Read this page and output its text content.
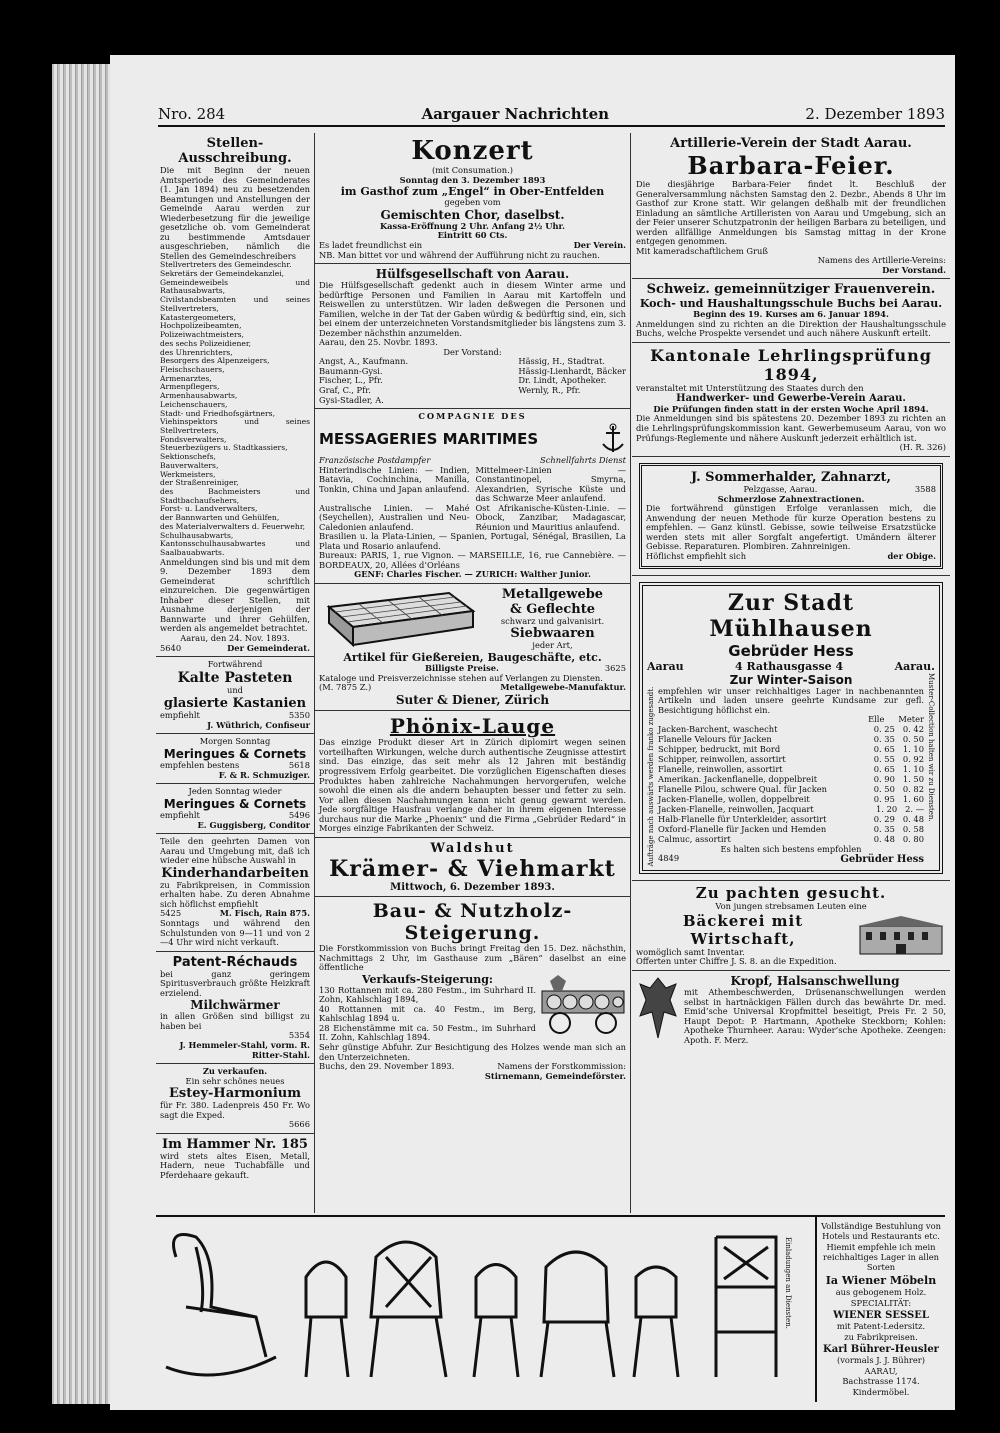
Nro. 284	Aargauer Nachrichten	2. Dezember 1893
Stellen-Ausschreibung.
Die mit Beginn der neuen Amtsperiode des Gemeinderates (1. Jan 1894) neu zu besetzenden Beamtungen und Anstellungen der Gemeinde Aarau werden zur Wiederbesetzung für die jeweilige gesetzliche ob. vom Gemeinderat zu bestimmende Amtsdauer ausgeschrieben, nämlich die Stellen des Gemeindeschreibers
Stellvertreters des Gemeindeschr.
Sekretärs der Gemeindekanzlei,
Gemeindeweibels und Rathausabwarts,
Civilstandsbeamten und seines Stellvertreters,
Katastergeometers,
Hochpolizeibeamten,
Polizeiwachtmeisters,
des sechs Polizeidiener,
des Uhrenrichters,
Besorgers des Alpenzeigers,
Fleischschauers,
Armenarztes,
Armenpflegers,
Armenhausabwarts,
Leichenschauers,
Stadt- und Friedhofsgärtners,
Viehinspektors und seines Stellvertreters,
Fondsverwalters,
Steuerbezügers u. Stadtkassiers,
Sektionschefs,
Bauverwalters,
Werkmeisters,
der Straßenreiniger,
des Bachmeisters und Stadtbachaufsehers,
Forst- u. Landverwalters,
der Bannwarten und Gehülfen,
des Materialverwalters d. Feuerwehr,
Schulhausabwarts,
Kantonsschulhausabwartes und Saalbauabwarts.
Anmeldungen sind bis und mit dem 9. Dezember 1893 dem Gemeinderat schriftlich einzureichen. Die gegenwärtigen Inhaber dieser Stellen, mit Ausnahme derjenigen der Bannwarte und ihrer Gehülfen, werden als angemeldet betrachtet.
Aarau, den 24. Nov. 1893.
5640	Der Gemeinderat.
Fortwährend
Kalte Pasteten
und
glasierte Kastanien
empfiehlt	5350
J. Wüthrich, Confiseur
Morgen Sonntag
Meringues & Cornets
empfehlen bestens	5618
F. & R. Schmuziger.
Jeden Sonntag wieder
Meringues & Cornets
empfiehlt	5496
E. Guggisberg, Conditor
Teile den geehrten Damen von Aarau und Umgebung mit, daß ich wieder eine hübsche Auswahl in
Kinderhandarbeiten
zu Fabrikpreisen, in Commission erhalten habe. Zu deren Abnahme sich höflichst empfiehlt
5425	M. Fisch, Rain 875.
Sonntags und während den Schulstunden von 9—11 und von 2—4 Uhr wird nicht verkauft.
Patent-Réchauds
bei ganz geringem Spiritusverbrauch größte Heizkraft erzielend.
Milchwärmer
in allen Größen sind billigst zu haben bei
5354
J. Hemmeler-Stahl, vorm. R. Ritter-Stahl.
Zu verkaufen.
Ein sehr schönes neues
Estey-Harmonium
für Fr. 380. Ladenpreis 450 Fr. Wo sagt die Exped.
5666
Im Hammer Nr. 185
wird stets altes Eisen, Metall, Hadern, neue Tuchabfälle und Pferdehaare gekauft.
Konzert
(mit Consumation.)
Sonntag den 3. Dezember 1893
im Gasthof zum „Engel“ in Ober-Entfelden
gegeben vom
Gemischten Chor, daselbst.
Kassa-Eröffnung 2 Uhr. Anfang 2½ Uhr.
Eintritt 60 Cts.
Es ladet freundlichst ein	Der Verein.
NB. Man bittet vor und während der Aufführung nicht zu rauchen.
Hülfsgesellschaft von Aarau.
Die Hülfsgesellschaft gedenkt auch in diesem Winter arme und bedürftige Personen und Familien in Aarau mit Kartoffeln und Reiswellen zu unterstützen. Wir laden deßwegen die Personen und Familien, welche in der Tat der Gaben würdig & bedürftig sind, ein, sich bei einem der unterzeichneten Vorstandsmitglieder bis längstens zum 3. Dezember nächsthin anzumelden.
Aarau, den 25. Novbr. 1893.
Der Vorstand:
Angst, A., Kaufmann.
Baumann-Gysi.
Fischer, L., Pfr.
Graf, C., Pfr.
Gysi-Stadler, A.
Hässig, H., Stadtrat.
Hässig-Lienhardt, Bäcker
Dr. Lindt, Apotheker.
Wernly, R., Pfr.
COMPAGNIE DES
MESSAGERIES MARITIMES
Französische Postdampfer	Schnellfahrts Dienst
Hinterindische Linien: — Indien, Batavia, Cochinchina, Manilla, Tonkin, China und Japan anlaufend.
Mittelmeer-Linien — Constantinopel, Smyrna, Alexandrien, Syrische Küste und das Schwarze Meer anlaufend.
Australische Linien. — Mahé (Seychellen), Australien und Neu-Caledonien anlaufend.
Ost Afrikanische-Küsten-Linie. — Obock, Zanzibar, Madagascar, Réunion und Mauritius anlaufend.
Brasilien u. la Plata-Linien, — Spanien, Portugal, Sénégal, Brasilien, La Plata und Rosario anlaufend.
Bureaux: PARIS, 1, rue Vignon. — MARSEILLE, 16, rue Cannebière. — BORDEAUX, 20, Allées d’Orléans
GENF: Charles Fischer. — ZURICH: Walther Junior.
Metallgewebe
& Geflechte
schwarz und galvanisirt.
Siebwaaren
jeder Art,
Artikel für Gießereien, Baugeschäfte, etc.
Billigste Preise.	3625
Kataloge und Preisverzeichnisse stehen auf Verlangen zu Diensten.
(M. 7875 Z.)	Metallgewebe-Manufaktur.
Suter & Diener, Zürich
Phönix-Lauge
Das einzige Produkt dieser Art in Zürich diplomirt wegen seinen vorteilhaften Wirkungen, welche durch authentische Zeugnisse attestirt sind. Das einzige, das seit mehr als 12 Jahren mit beständig progressivem Erfolg gearbeitet. Die vorzüglichen Eigenschaften dieses Produktes haben zahlreiche Nachahmungen hervorgerufen, welche sowohl die einen als die andern behaupten besser und fetter zu sein. Vor allen diesen Nachahmungen kann nicht genug gewarnt werden. Jede sorgfältige Hausfrau verlange daher in ihrem eigenen Interesse durchaus nur die Marke „Phoenix“ und die Firma „Gebrüder Redard“ in Morges einzige Fabrikanten der Schweiz.
Waldshut
Krämer- & Viehmarkt
Mittwoch, 6. Dezember 1893.
Bau- & Nutzholz-Steigerung.
Die Forstkommission von Buchs bringt Freitag den 15. Dez. nächsthin, Nachmittags 2 Uhr, im Gasthause zum „Bären“ daselbst an eine öffentliche
Verkaufs-Steigerung:
130 Rottannen mit ca. 280 Festm., im Suhrhard II. Zohn, Kahlschlag 1894,
40 Rottannen mit ca. 40 Festm., im Berg, Kahlschlag 1894 u.
28 Eichenstämme mit ca. 50 Festm., im Suhrhard II. Zohn, Kahlschlag 1894.
Sehr günstige Abfuhr. Zur Besichtigung des Holzes wende man sich an den Unterzeichneten.
Buchs, den 29. November 1893.	Namens der Forstkommission:
Stirnemann, Gemeindeförster.
Artillerie-Verein der Stadt Aarau.
Barbara-Feier.
Die diesjährige Barbara-Feier findet lt. Beschluß der Generalversammlung nächsten Samstag den 2. Dezbr., Abends 8 Uhr im Gasthof zur Krone statt. Wir gelangen deßhalb mit der freundlichen Einladung an sämtliche Artilleristen von Aarau und Umgebung, sich an der Feier unserer Schutzpatronin der heiligen Barbara zu beteiligen, und werden allfällige Anmeldungen bis Samstag mittag in der Krone entgegen genommen.
Mit kameradschaftlichem Gruß
Namens des Artillerie-Vereins:
Der Vorstand.
Schweiz. gemeinnütziger Frauenverein.
Koch- und Haushaltungsschule Buchs bei Aarau.
Beginn des 19. Kurses am 6. Januar 1894.
Anmeldungen sind zu richten an die Direktion der Haushaltungsschule Buchs, welche Prospekte versendet und auch nähere Auskunft erteilt.
Kantonale Lehrlingsprüfung 1894,
veranstaltet mit Unterstützung des Staates durch den
Handwerker- und Gewerbe-Verein Aarau.
Die Prüfungen finden statt in der ersten Woche April 1894.
Die Anmeldungen sind bis spätestens 20. Dezember 1893 zu richten an die Lehrlingsprüfungskommission kant. Gewerbemuseum Aarau, von wo Prüfungs-Reglemente und nähere Auskunft jederzeit erhältlich ist.
(H. R. 326)
J. Sommerhalder, Zahnarzt,
Pelzgasse, Aarau.	3588
Schmerzlose Zahnextractionen.
Die fortwährend günstigen Erfolge veranlassen mich, die Anwendung der neuen Methode für kurze Operation bestens zu empfehlen. — Ganz künstl. Gebisse, sowie teilweise Ersatzstücke werden stets mit aller Sorgfalt angefertigt. Umändern älterer Gebisse. Reparaturen. Plombiren. Zahnreinigen.
Höflichst empfiehlt sich	der Obige.
Zur Stadt Mühlhausen
Gebrüder Hess
Aarau	4 Rathausgasse 4	Aarau.
Aufträge nach auswärts werden franko zugesandt.
Zur Winter-Saison
empfehlen wir unser reichhaltiges Lager in nachbenannten Artikeln und laden unsere geehrte Kundsame zur gefl. Besichtigung höflichst ein.
Elle Meter
Jacken-Barchent, waschecht	0. 25 0. 42
Flanelle Velours für Jacken	0. 35 0. 50
Schipper, bedruckt, mit Bord	0. 65 1. 10
Schipper, reinwollen, assortirt	0. 55 0. 92
Flanelle, reinwollen, assortirt	0. 65 1. 10
Amerikan. Jackenflanelle, doppelbreit	0. 90 1. 50
Flanelle Pilou, schwere Qual. für Jacken	0. 50 0. 82
Jacken-Flanelle, wollen, doppelbreit	0. 95 1. 60
Jacken-Flanelle, reinwollen, Jacquart	1. 20 2. —
Halb-Flanelle für Unterkleider, assortirt	0. 29 0. 48
Oxford-Flanelle für Jacken und Hemden	0. 35 0. 58
Calmuc, assortirt	0. 48 0. 80
Es halten sich bestens empfohlen
4849	Gebrüder Hess
Muster-Collection halten wir zu Diensten.
Zu pachten gesucht.
Von jungen strebsamen Leuten eine
Bäckerei mit Wirtschaft,
womöglich samt Inventar.
Offerten unter Chiffre J. S. 8. an die Expedition.
Kropf, Halsanschwellung
mit Athembeschwerden, Drüsenanschwellungen werden selbst in hartnäckigen Fällen durch das bewährte Dr. med. Emid’sche Universal Kropfmittel beseitigt, Preis Fr. 2 50, Haupt Depot: P. Hartmann, Apotheke Steckborn; Kohlen: Apotheke Thurnheer. Aarau: Wyder’sche Apotheke. Zeengen: Apoth. F. Merz.
Einladungen an Diensten.
Vollständige Bestuhlung von Hotels und Restaurants etc.
Hiemit empfehle ich mein reichhaltiges Lager in allen Sorten
Ia Wiener Möbeln
aus gebogenem Holz.
SPECIALITÄT:
WIENER SESSEL
mit Patent-Ledersitz.
zu Fabrikpreisen.
Karl Bührer-Heusler
(vormals J. J. Bührer)
AARAU,
Bachstrasse 1174.
Kindermöbel.
